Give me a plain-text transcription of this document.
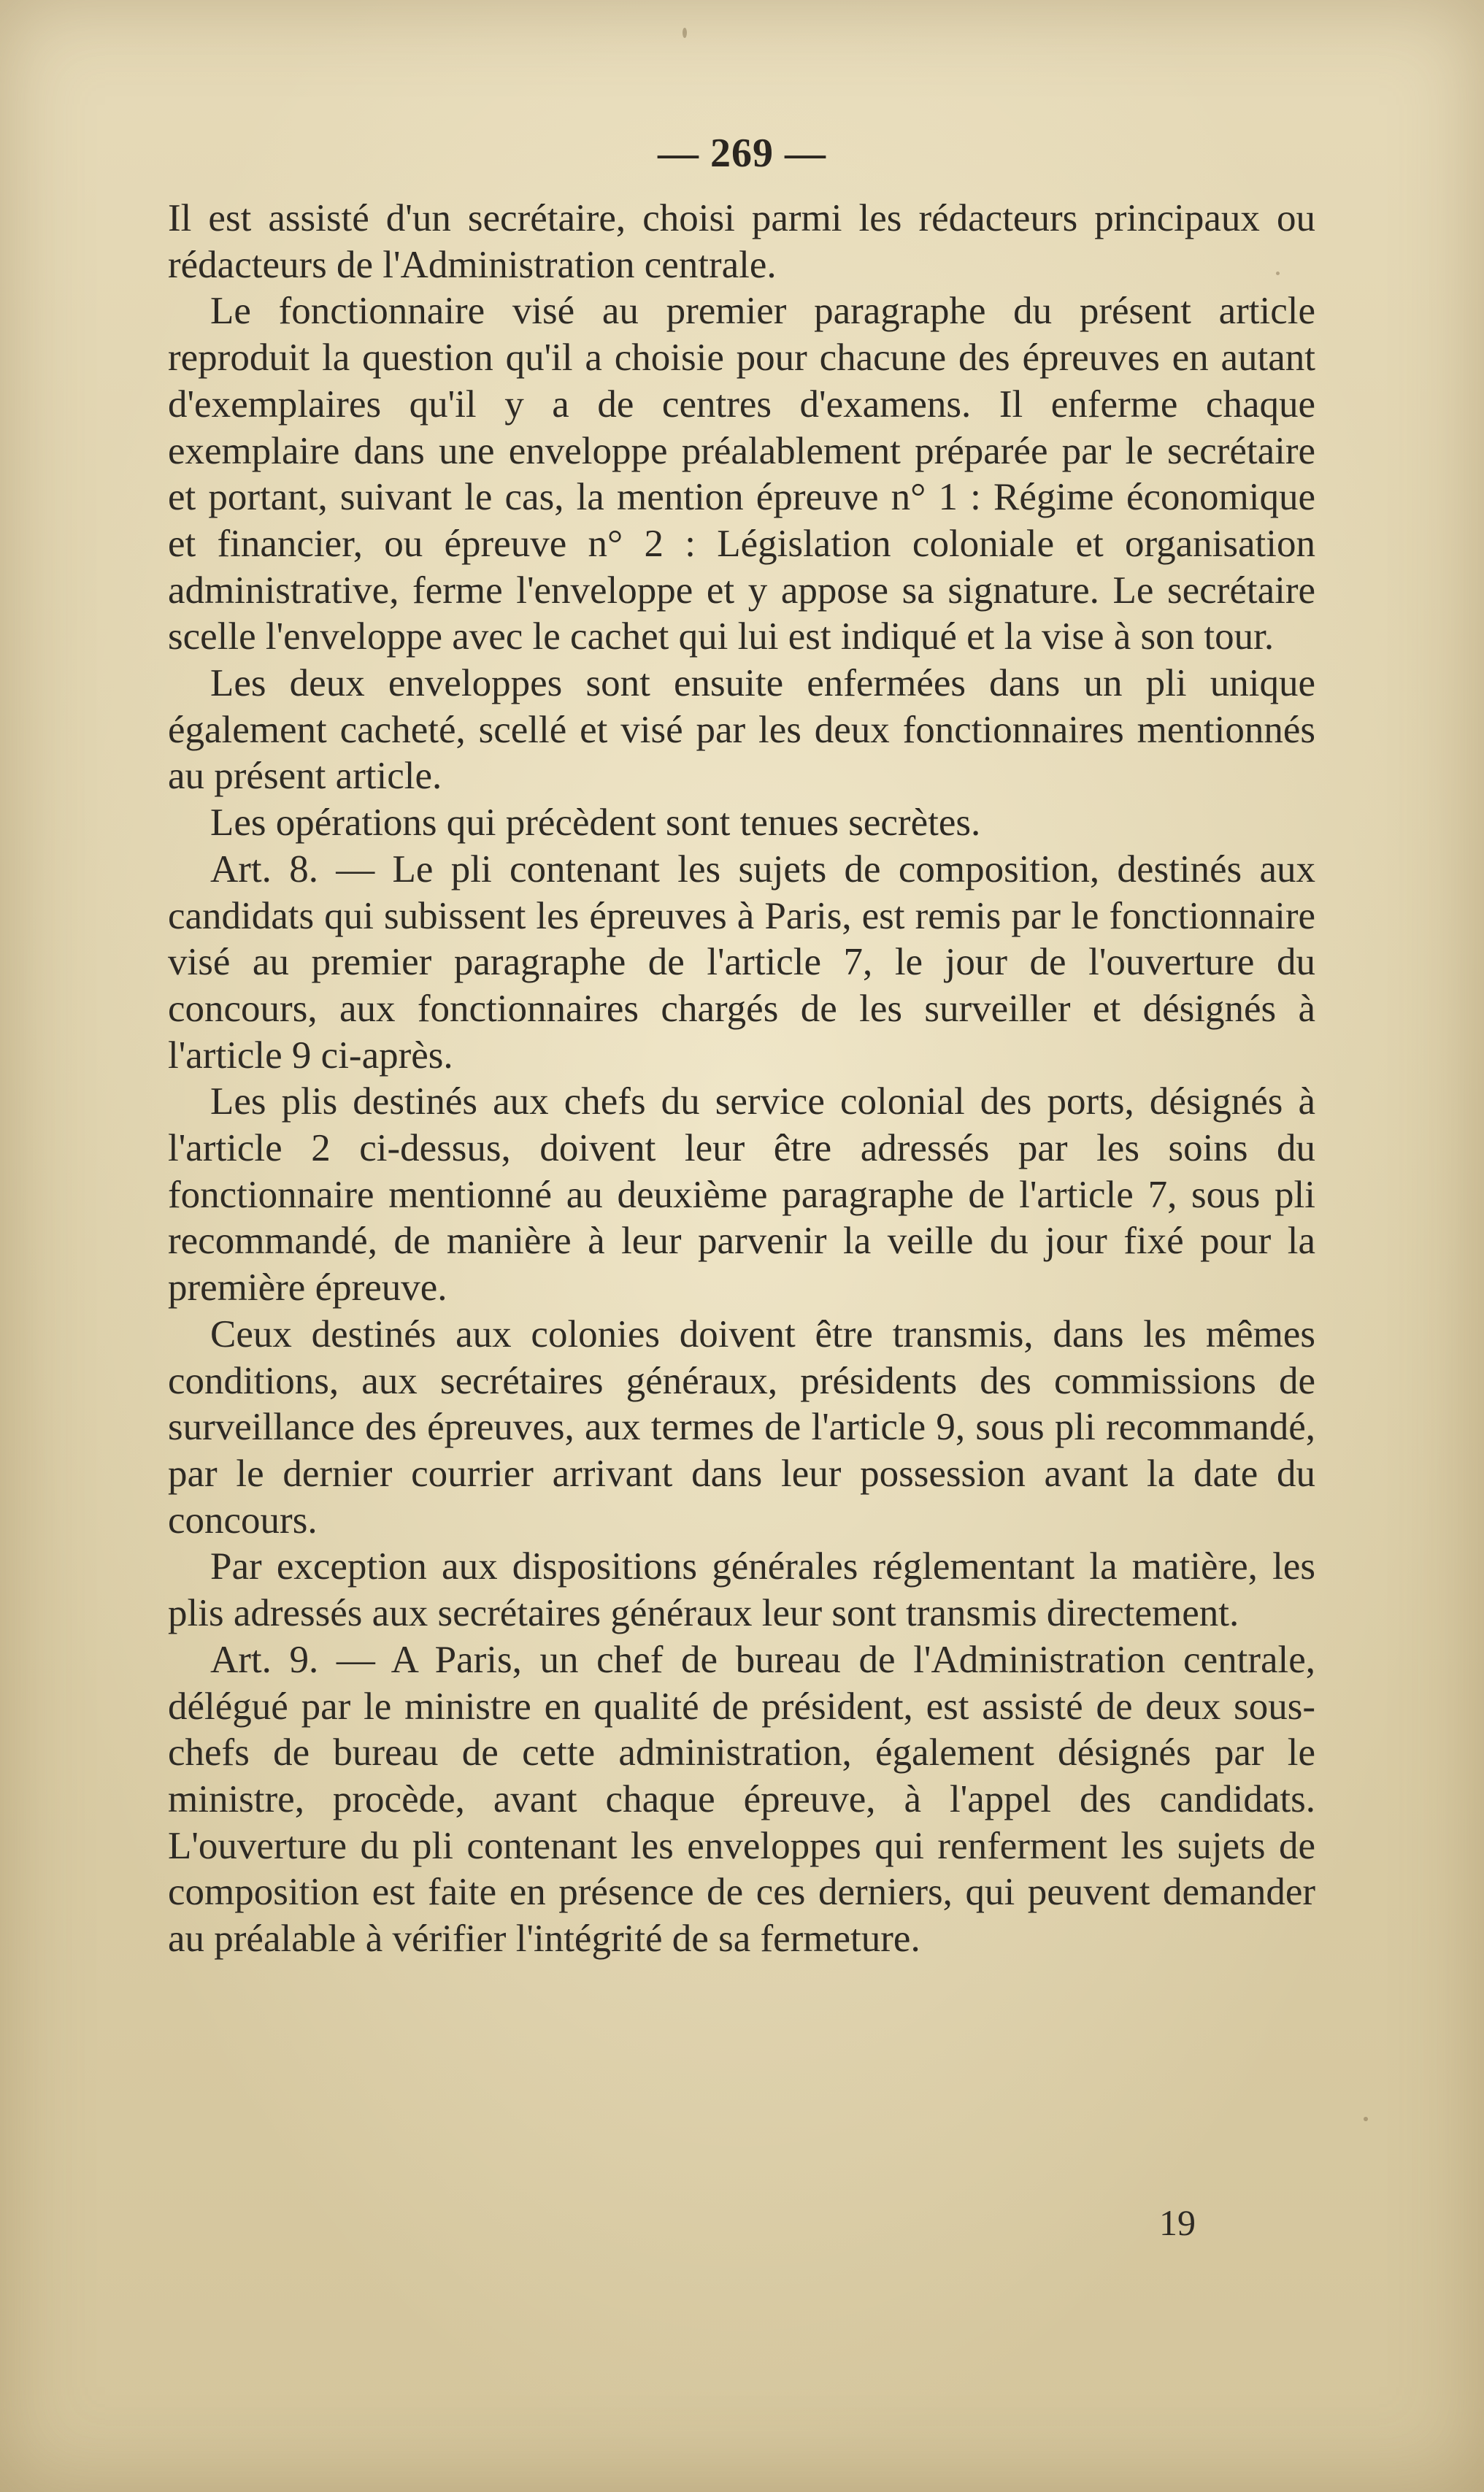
— 269 —

Il est assisté d'un secrétaire, choisi parmi les rédacteurs principaux ou rédacteurs de l'Administration centrale.

Le fonctionnaire visé au premier paragraphe du présent article reproduit la question qu'il a choisie pour chacune des épreuves en autant d'exemplaires qu'il y a de centres d'examens. Il enferme chaque exemplaire dans une enveloppe préalablement préparée par le secrétaire et portant, suivant le cas, la mention épreuve n° 1 : Régime économique et financier, ou épreuve n° 2 : Législation coloniale et organisation administrative, ferme l'enveloppe et y appose sa signature. Le secrétaire scelle l'enveloppe avec le cachet qui lui est indiqué et la vise à son tour.

Les deux enveloppes sont ensuite enfermées dans un pli unique également cacheté, scellé et visé par les deux fonctionnaires mentionnés au présent article.

Les opérations qui précèdent sont tenues secrètes.

Art. 8. — Le pli contenant les sujets de composition, destinés aux candidats qui subissent les épreuves à Paris, est remis par le fonctionnaire visé au premier paragraphe de l'article 7, le jour de l'ouverture du concours, aux fonctionnaires chargés de les surveiller et désignés à l'article 9 ci-après.

Les plis destinés aux chefs du service colonial des ports, désignés à l'article 2 ci-dessus, doivent leur être adressés par les soins du fonctionnaire mentionné au deuxième paragraphe de l'article 7, sous pli recommandé, de manière à leur parvenir la veille du jour fixé pour la première épreuve.

Ceux destinés aux colonies doivent être transmis, dans les mêmes conditions, aux secrétaires généraux, présidents des commissions de surveillance des épreuves, aux termes de l'article 9, sous pli recommandé, par le dernier courrier arrivant dans leur possession avant la date du concours.

Par exception aux dispositions générales réglementant la matière, les plis adressés aux secrétaires généraux leur sont transmis directement.

Art. 9. — A Paris, un chef de bureau de l'Administration centrale, délégué par le ministre en qualité de président, est assisté de deux sous-chefs de bureau de cette administration, également désignés par le ministre, procède, avant chaque épreuve, à l'appel des candidats. L'ouverture du pli contenant les enveloppes qui renferment les sujets de composition est faite en présence de ces derniers, qui peuvent demander au préalable à vérifier l'intégrité de sa fermeture.

19
